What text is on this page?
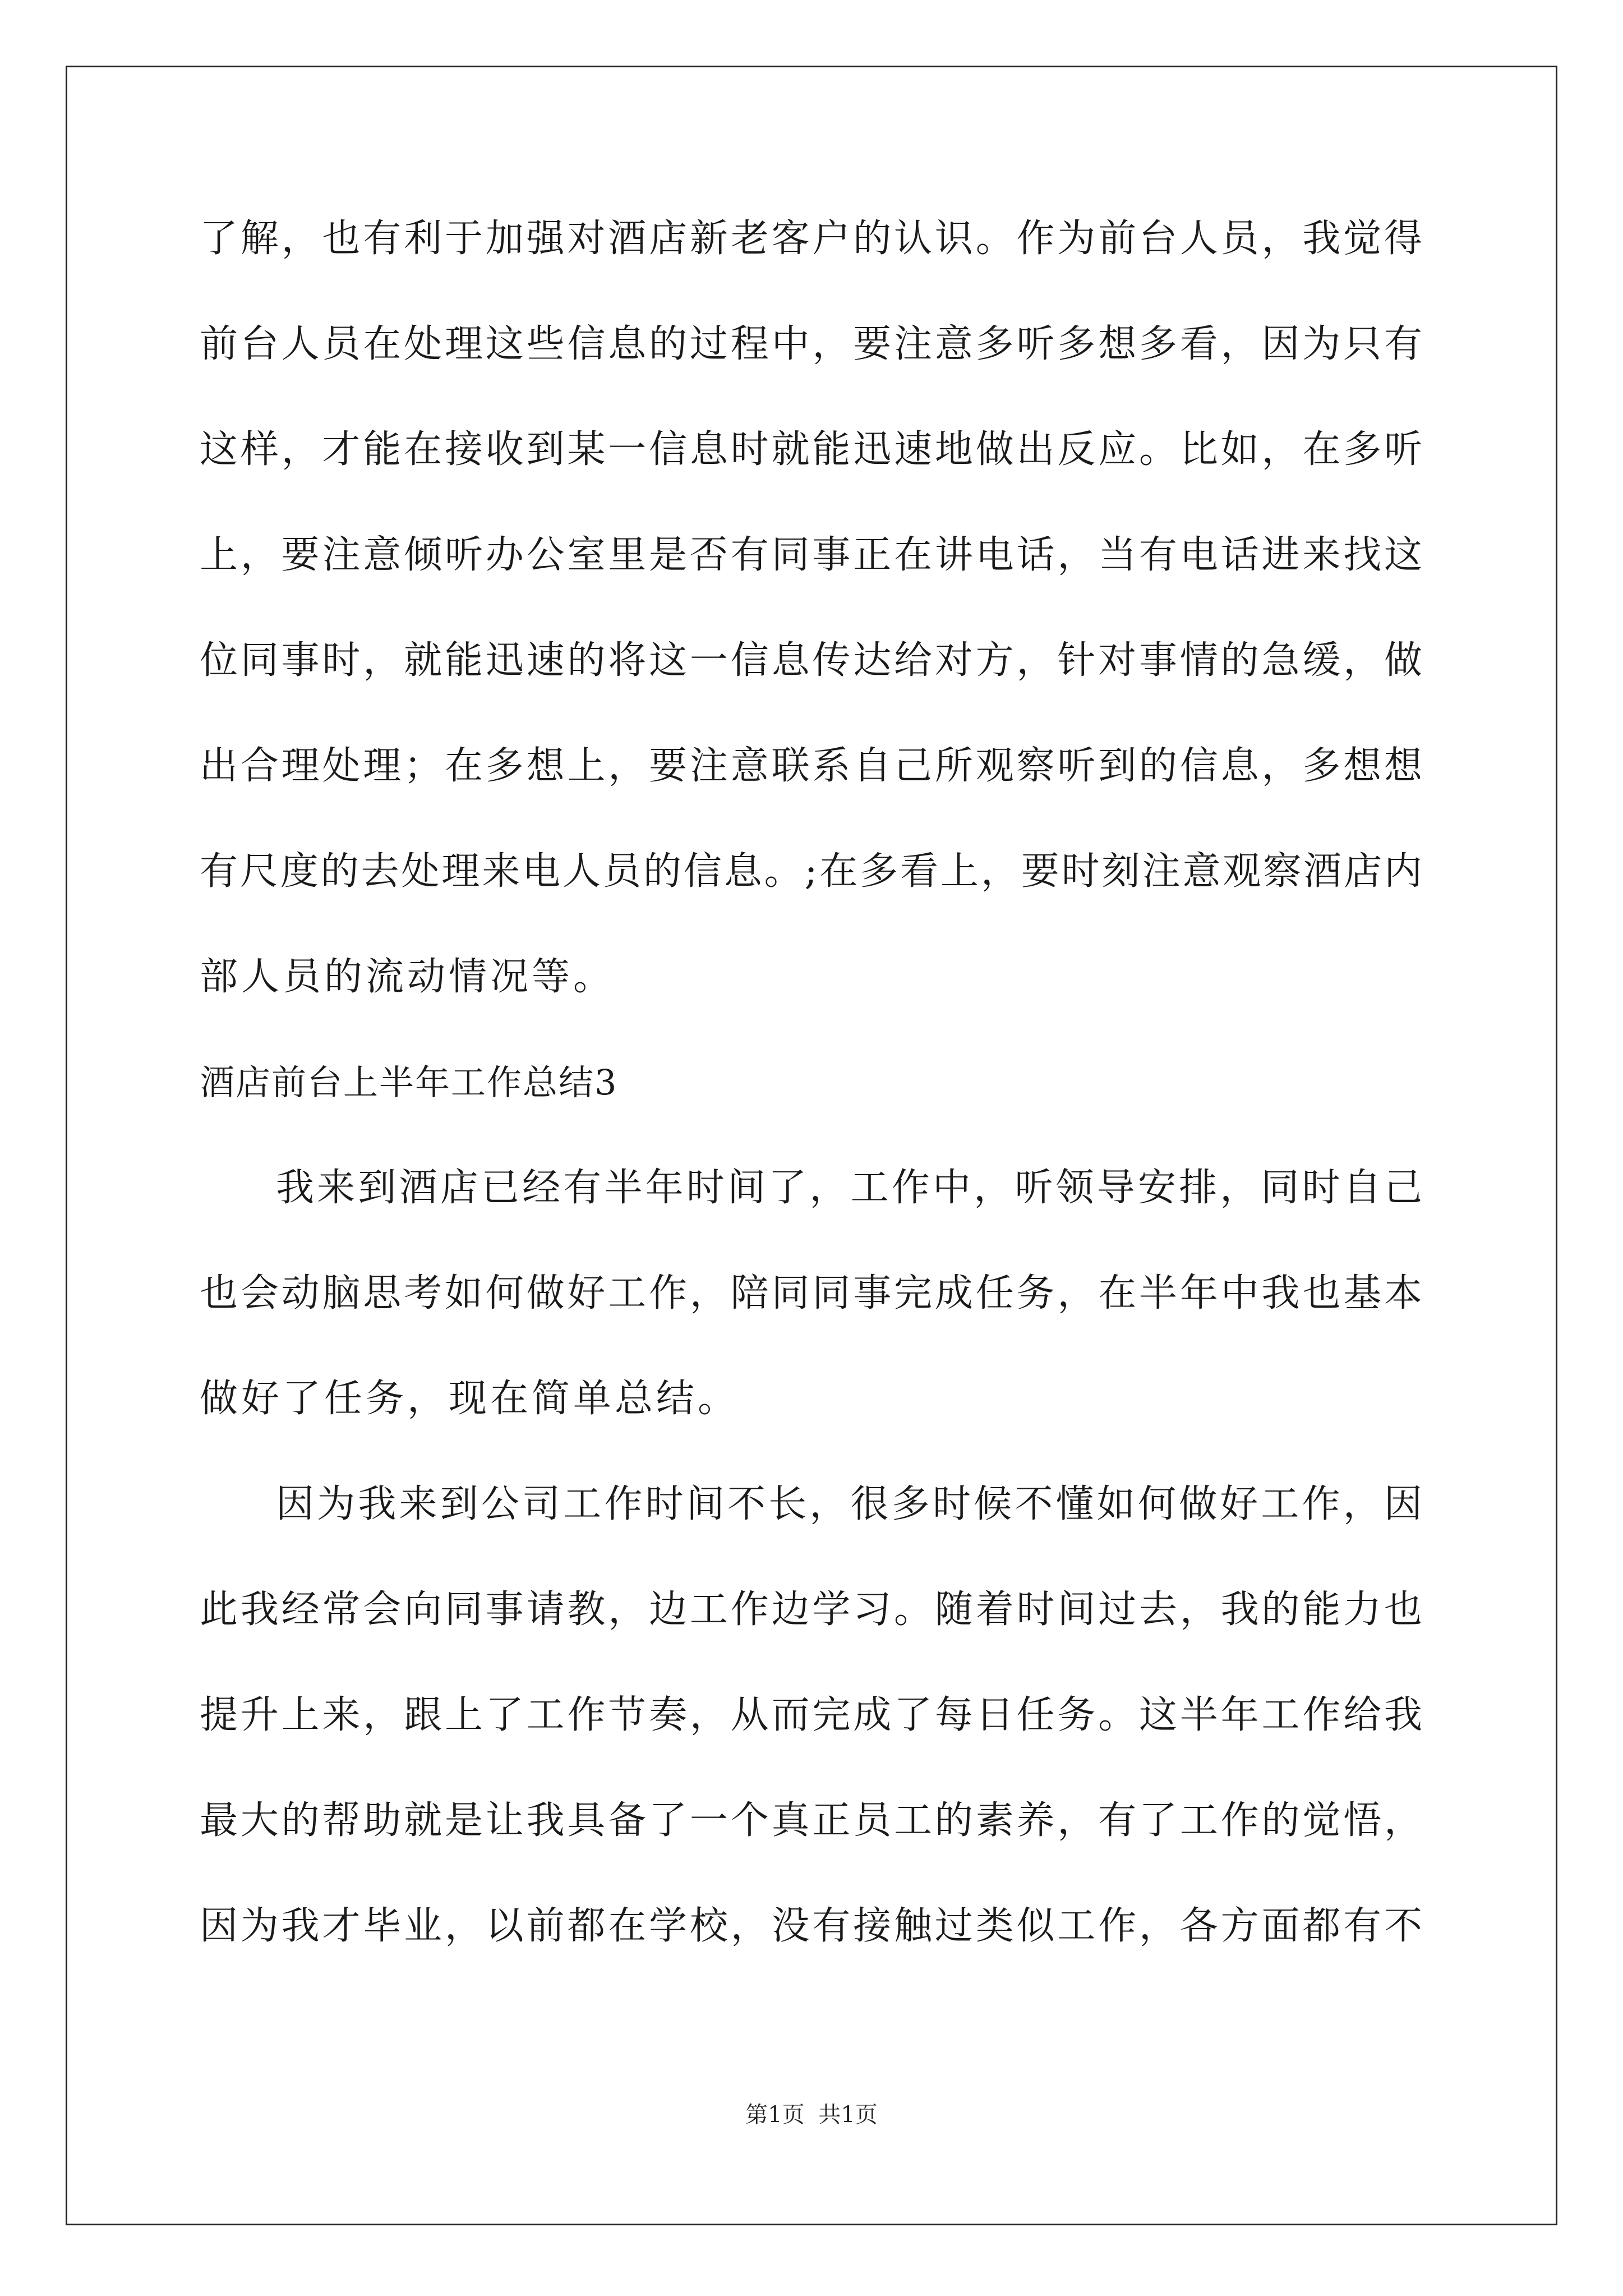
了解，也有利于加强对酒店新老客户的认识。作为前台人员，我觉得
前台人员在处理这些信息的过程中，要注意多听多想多看，因为只有
这样，才能在接收到某一信息时就能迅速地做出反应。比如，在多听
上，要注意倾听办公室里是否有同事正在讲电话，当有电话进来找这
位同事时，就能迅速的将这一信息传达给对方，针对事情的急缓，做
出合理处理；在多想上，要注意联系自己所观察听到的信息，多想想
有尺度的去处理来电人员的信息。;在多看上，要时刻注意观察酒店内
部人员的流动情况等。
酒店前台上半年工作总结3
我来到酒店已经有半年时间了，工作中，听领导安排，同时自己
也会动脑思考如何做好工作，陪同同事完成任务，在半年中我也基本
做好了任务，现在简单总结。
因为我来到公司工作时间不长，很多时候不懂如何做好工作，因
此我经常会向同事请教，边工作边学习。随着时间过去，我的能力也
提升上来，跟上了工作节奏，从而完成了每日任务。这半年工作给我
最大的帮助就是让我具备了一个真正员工的素养，有了工作的觉悟，
因为我才毕业，以前都在学校，没有接触过类似工作，各方面都有不
第1页 共1页
